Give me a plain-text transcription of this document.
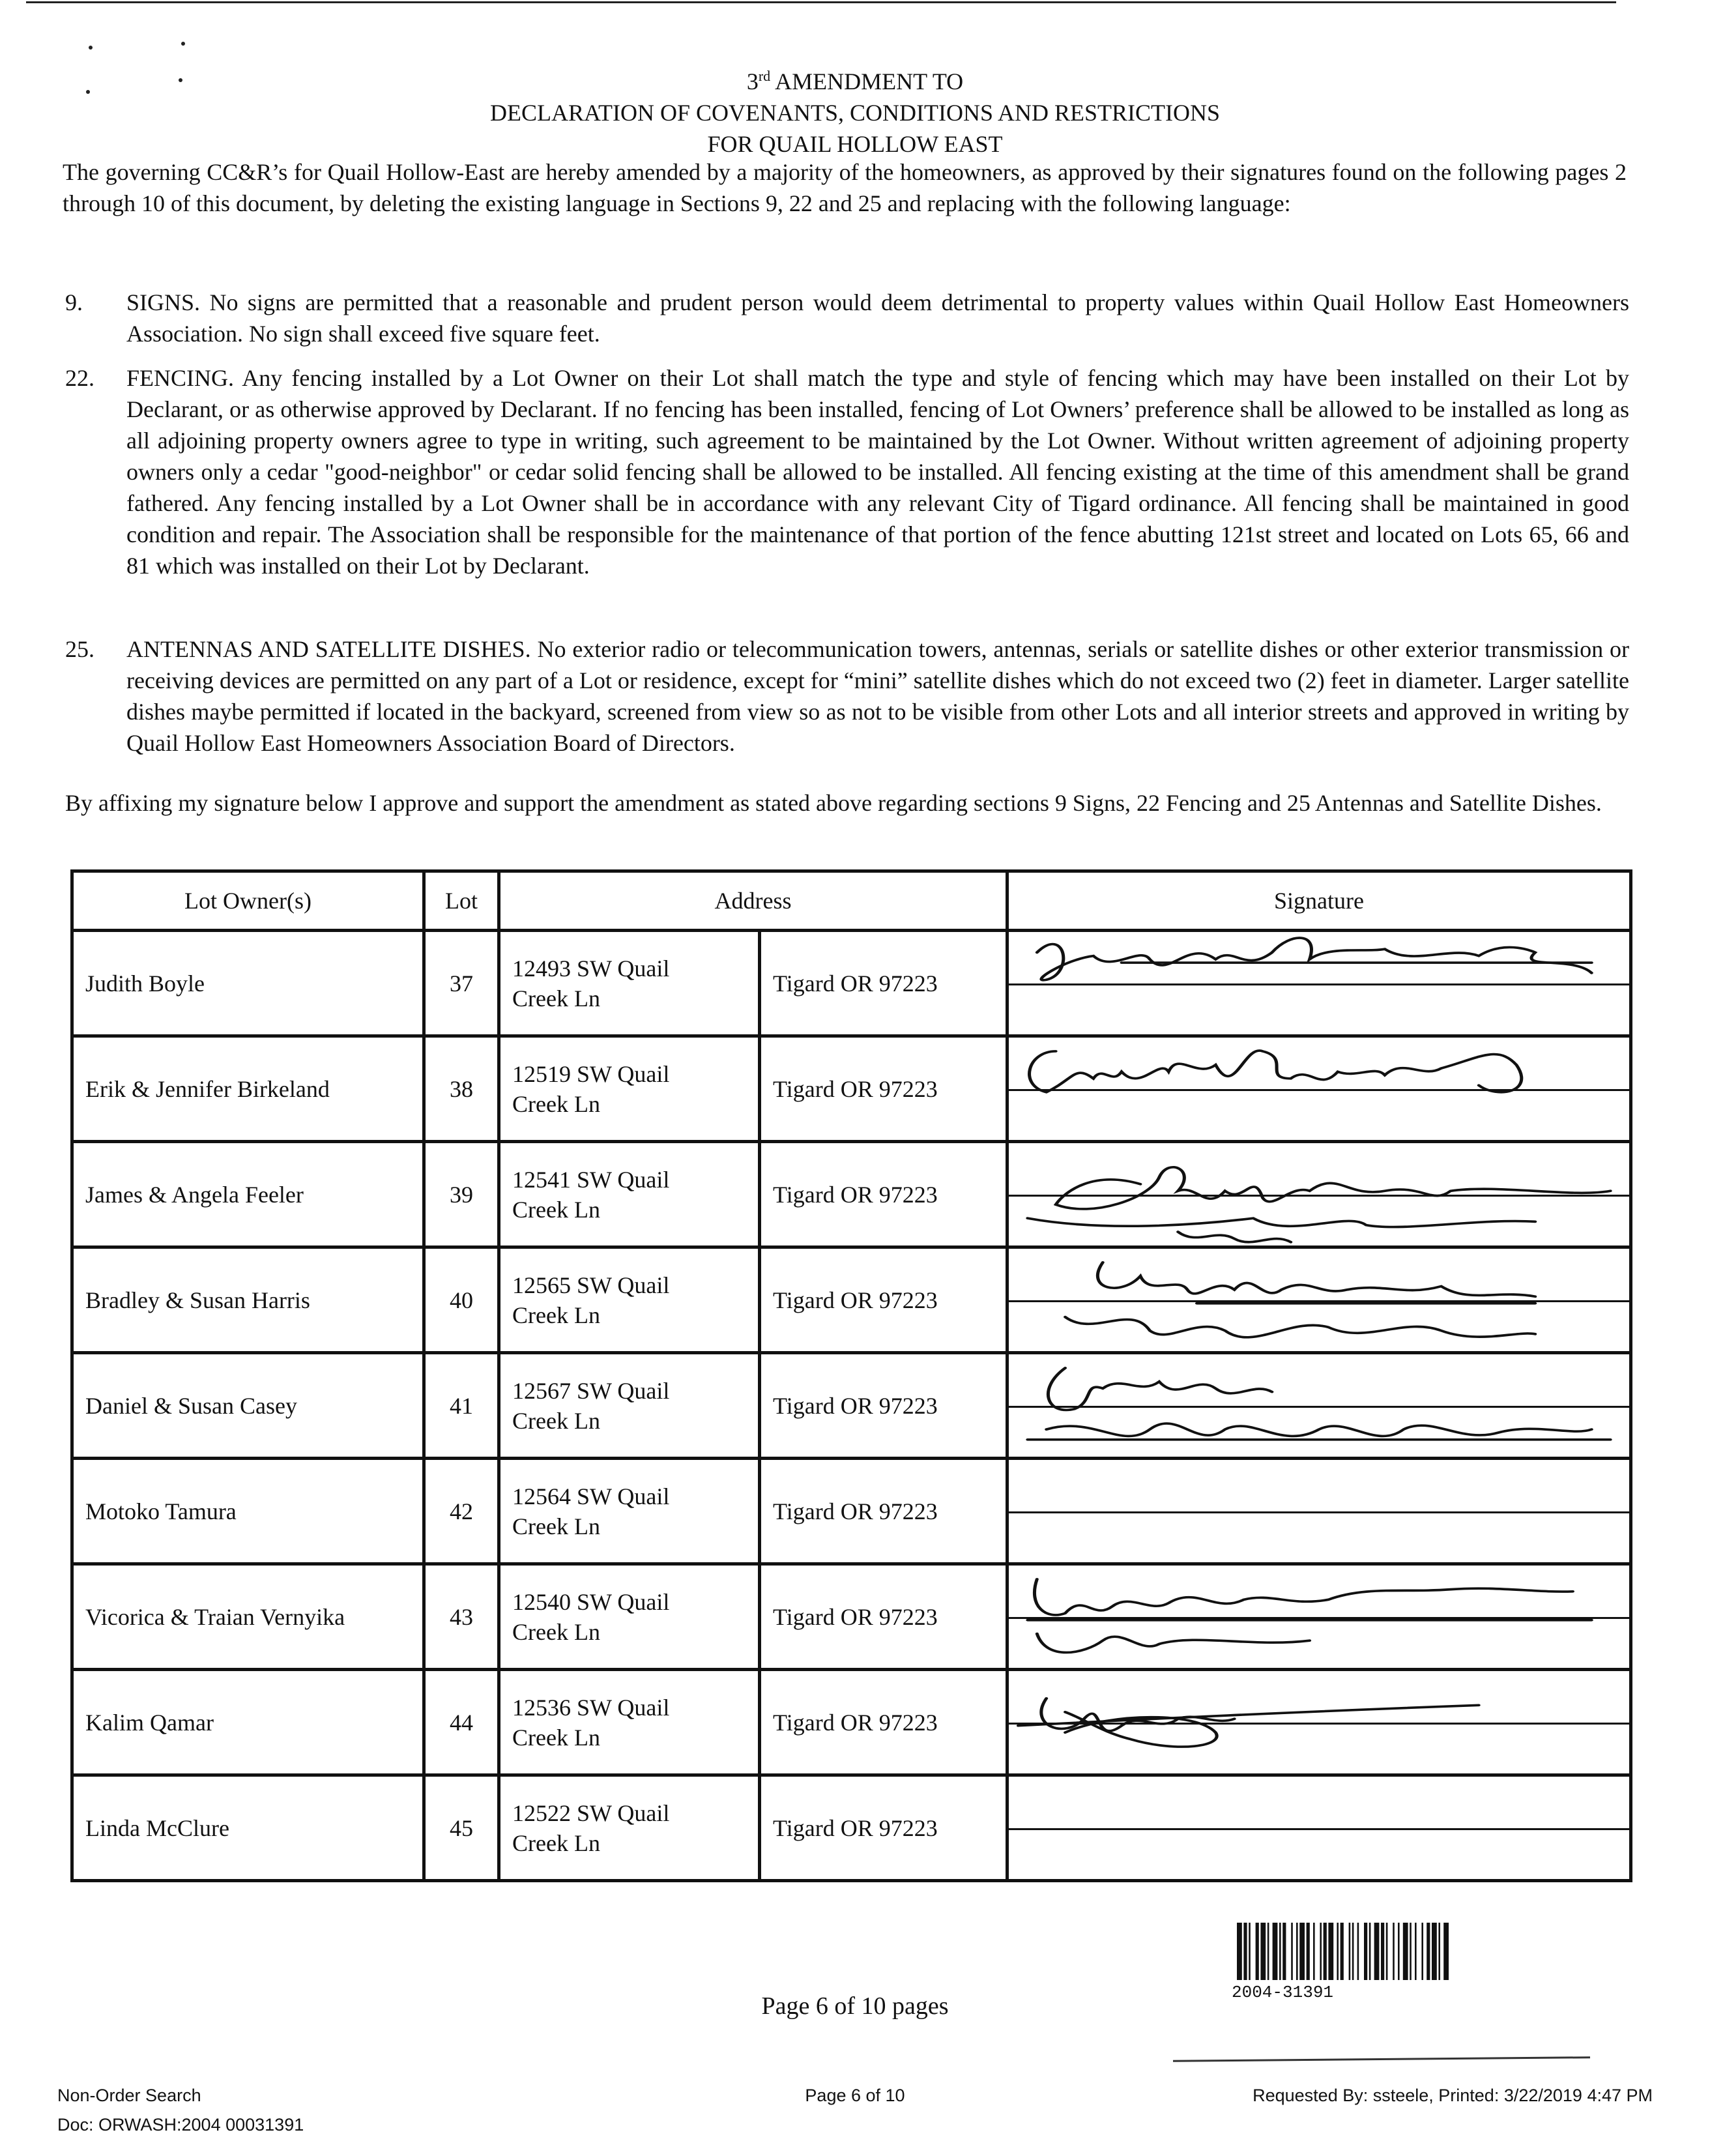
3rd AMENDMENT TO
DECLARATION OF COVENANTS, CONDITIONS AND RESTRICTIONS
FOR QUAIL HOLLOW EAST
The governing CC&R’s for Quail Hollow-East are hereby amended by a majority of the homeowners, as approved by their signatures found on the following pages 2 through 10 of this document, by deleting the existing language in Sections 9, 22 and 25 and replacing with the following language:
9. SIGNS. No signs are permitted that a reasonable and prudent person would deem detrimental to property values within Quail Hollow East Homeowners Association. No sign shall exceed five square feet.
22. FENCING. Any fencing installed by a Lot Owner on their Lot shall match the type and style of fencing which may have been installed on their Lot by Declarant, or as otherwise approved by Declarant. If no fencing has been installed, fencing of Lot Owners’ preference shall be allowed to be installed as long as all adjoining property owners agree to type in writing, such agreement to be maintained by the Lot Owner. Without written agreement of adjoining property owners only a cedar "good-neighbor" or cedar solid fencing shall be allowed to be installed. All fencing existing at the time of this amendment shall be grand fathered. Any fencing installed by a Lot Owner shall be in accordance with any relevant City of Tigard ordinance. All fencing shall be maintained in good condition and repair. The Association shall be responsible for the maintenance of that portion of the fence abutting 121st street and located on Lots 65, 66 and 81 which was installed on their Lot by Declarant.
25. ANTENNAS AND SATELLITE DISHES. No exterior radio or telecommunication towers, antennas, serials or satellite dishes or other exterior transmission or receiving devices are permitted on any part of a Lot or residence, except for “mini” satellite dishes which do not exceed two (2) feet in diameter. Larger satellite dishes maybe permitted if located in the backyard, screened from view so as not to be visible from other Lots and all interior streets and approved in writing by Quail Hollow East Homeowners Association Board of Directors.
By affixing my signature below I approve and support the amendment as stated above regarding sections 9 Signs, 22 Fencing and 25 Antennas and Satellite Dishes.
Lot Owner(s)	Lot	Address		Signature
Judith Boyle	37	12493 SW Quail
Creek Ln	Tigard OR 97223	

Erik & Jennifer Birkeland	38	12519 SW Quail
Creek Ln	Tigard OR 97223	

James & Angela Feeler	39	12541 SW Quail
Creek Ln	Tigard OR 97223	

Bradley & Susan Harris	40	12565 SW Quail
Creek Ln	Tigard OR 97223	

Daniel & Susan Casey	41	12567 SW Quail
Creek Ln	Tigard OR 97223	

Motoko Tamura	42	12564 SW Quail
Creek Ln	Tigard OR 97223	

Vicorica & Traian Vernyika	43	12540 SW Quail
Creek Ln	Tigard OR 97223	

Kalim Qamar	44	12536 SW Quail
Creek Ln	Tigard OR 97223	

Linda McClure	45	12522 SW Quail
Creek Ln	Tigard OR 97223	
2004-31391
Page 6 of 10 pages
Non-Order Search
Doc: ORWASH:2004 00031391
Page 6 of 10	Requested By: ssteele, Printed: 3/22/2019 4:47 PM
